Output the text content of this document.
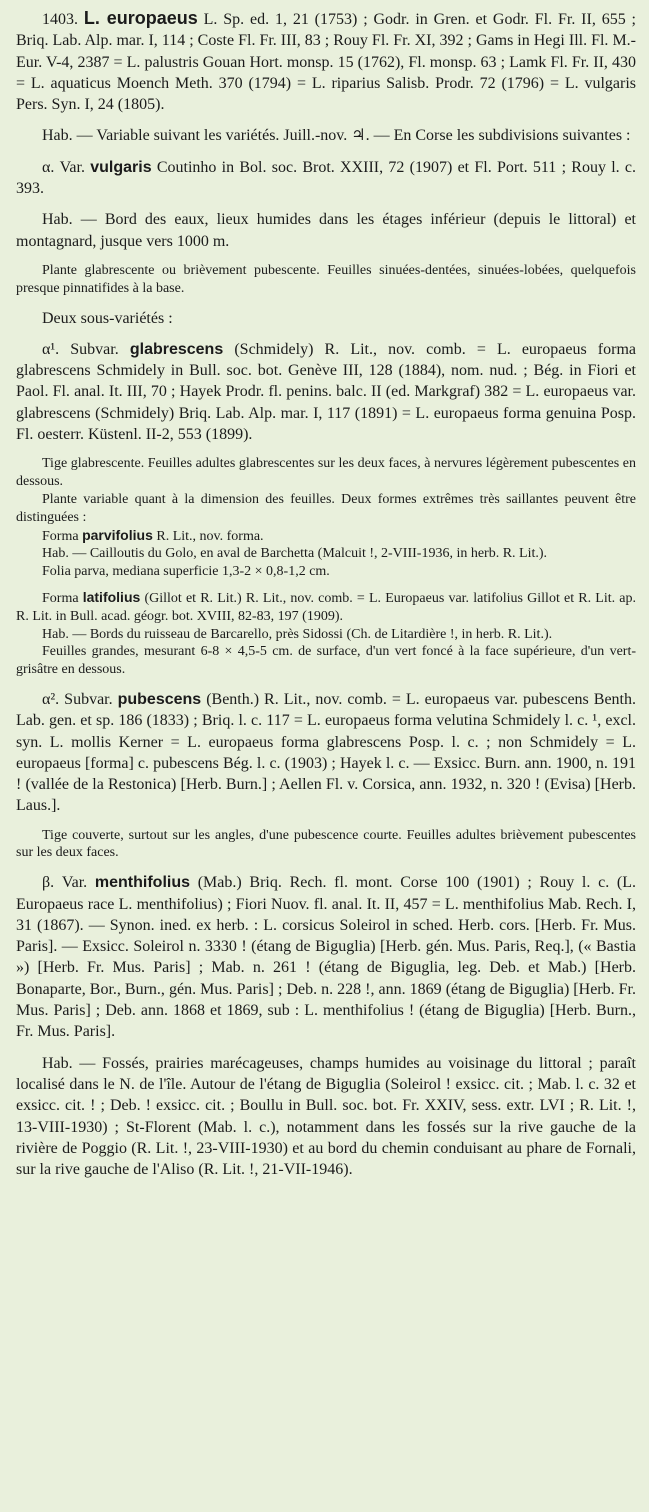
1403. L. europaeus L. Sp. ed. 1, 21 (1753) ; Godr. in Gren. et Godr. Fl. Fr. II, 655 ; Briq. Lab. Alp. mar. I, 114 ; Coste Fl. Fr. III, 83 ; Rouy Fl. Fr. XI, 392 ; Gams in Hegi Ill. Fl. M.-Eur. V-4, 2387 = L. palustris Gouan Hort. monsp. 15 (1762), Fl. monsp. 63 ; Lamk Fl. Fr. II, 430 = L. aquaticus Moench Meth. 370 (1794) = L. riparius Salisb. Prodr. 72 (1796) = L. vulgaris Pers. Syn. I, 24 (1805).

Hab. — Variable suivant les variétés. Juill.-nov. ♃. — En Corse les subdivisions suivantes :

α. Var. vulgaris Coutinho in Bol. soc. Brot. XXIII, 72 (1907) et Fl. Port. 511 ; Rouy l. c. 393.

Hab. — Bord des eaux, lieux humides dans les étages inférieur (depuis le littoral) et montagnard, jusque vers 1000 m.

Plante glabrescente ou brièvement pubescente. Feuilles sinuées-dentées, sinuées-lobées, quelquefois presque pinnatifides à la base.

Deux sous-variétés :

α¹. Subvar. glabrescens (Schmidely) R. Lit., nov. comb. = L. europaeus forma glabrescens Schmidely in Bull. soc. bot. Genève III, 128 (1884), nom. nud. ; Bég. in Fiori et Paol. Fl. anal. It. III, 70 ; Hayek Prodr. fl. penins. balc. II (ed. Markgraf) 382 = L. europaeus var. glabrescens (Schmidely) Briq. Lab. Alp. mar. I, 117 (1891) = L. europaeus forma genuina Posp. Fl. oesterr. Küstenl. II-2, 553 (1899).

Tige glabrescente. Feuilles adultes glabrescentes sur les deux faces, à nervures légèrement pubescentes en dessous.

Plante variable quant à la dimension des feuilles. Deux formes extrêmes très saillantes peuvent être distinguées :

Forma parvifolius R. Lit., nov. forma.

Hab. — Cailloutis du Golo, en aval de Barchetta (Malcuit !, 2-VIII-1936, in herb. R. Lit.).

Folia parva, mediana superficie 1,3-2 × 0,8-1,2 cm.

Forma latifolius (Gillot et R. Lit.) R. Lit., nov. comb. = L. Europaeus var. latifolius Gillot et R. Lit. ap. R. Lit. in Bull. acad. géogr. bot. XVIII, 82-83, 197 (1909).

Hab. — Bords du ruisseau de Barcarello, près Sidossi (Ch. de Litardière !, in herb. R. Lit.).

Feuilles grandes, mesurant 6-8 × 4,5-5 cm. de surface, d'un vert foncé à la face supérieure, d'un vert-grisâtre en dessous.

α². Subvar. pubescens (Benth.) R. Lit., nov. comb. = L. europaeus var. pubescens Benth. Lab. gen. et sp. 186 (1833) ; Briq. l. c. 117 = L. europaeus forma velutina Schmidely l. c. ¹, excl. syn. L. mollis Kerner = L. europaeus forma glabrescens Posp. l. c. ; non Schmidely = L. europaeus [forma] c. pubescens Bég. l. c. (1903) ; Hayek l. c. — Exsicc. Burn. ann. 1900, n. 191 ! (vallée de la Restonica) [Herb. Burn.] ; Aellen Fl. v. Corsica, ann. 1932, n. 320 ! (Evisa) [Herb. Laus.].

Tige couverte, surtout sur les angles, d'une pubescence courte. Feuilles adultes brièvement pubescentes sur les deux faces.

β. Var. menthifolius (Mab.) Briq. Rech. fl. mont. Corse 100 (1901) ; Rouy l. c. (L. Europaeus race L. menthifolius) ; Fiori Nuov. fl. anal. It. II, 457 = L. menthifolius Mab. Rech. I, 31 (1867). — Synon. ined. ex herb. : L. corsicus Soleirol in sched. Herb. cors. [Herb. Fr. Mus. Paris]. — Exsicc. Soleirol n. 3330 ! (étang de Biguglia) [Herb. gén. Mus. Paris, Req.], (« Bastia ») [Herb. Fr. Mus. Paris] ; Mab. n. 261 ! (étang de Biguglia, leg. Deb. et Mab.) [Herb. Bonaparte, Bor., Burn., gén. Mus. Paris] ; Deb. n. 228 !, ann. 1869 (étang de Biguglia) [Herb. Fr. Mus. Paris] ; Deb. ann. 1868 et 1869, sub : L. menthifolius ! (étang de Biguglia) [Herb. Burn., Fr. Mus. Paris].

Hab. — Fossés, prairies marécageuses, champs humides au voisinage du littoral ; paraît localisé dans le N. de l'île. Autour de l'étang de Biguglia (Soleirol ! exsicc. cit. ; Mab. l. c. 32 et exsicc. cit. ! ; Deb. ! exsicc. cit. ; Boullu in Bull. soc. bot. Fr. XXIV, sess. extr. LVI ; R. Lit. !, 13-VIII-1930) ; St-Florent (Mab. l. c.), notamment dans les fossés sur la rive gauche de la rivière de Poggio (R. Lit. !, 23-VIII-1930) et au bord du chemin conduisant au phare de Fornali, sur la rive gauche de l'Aliso (R. Lit. !, 21-VII-1946).
